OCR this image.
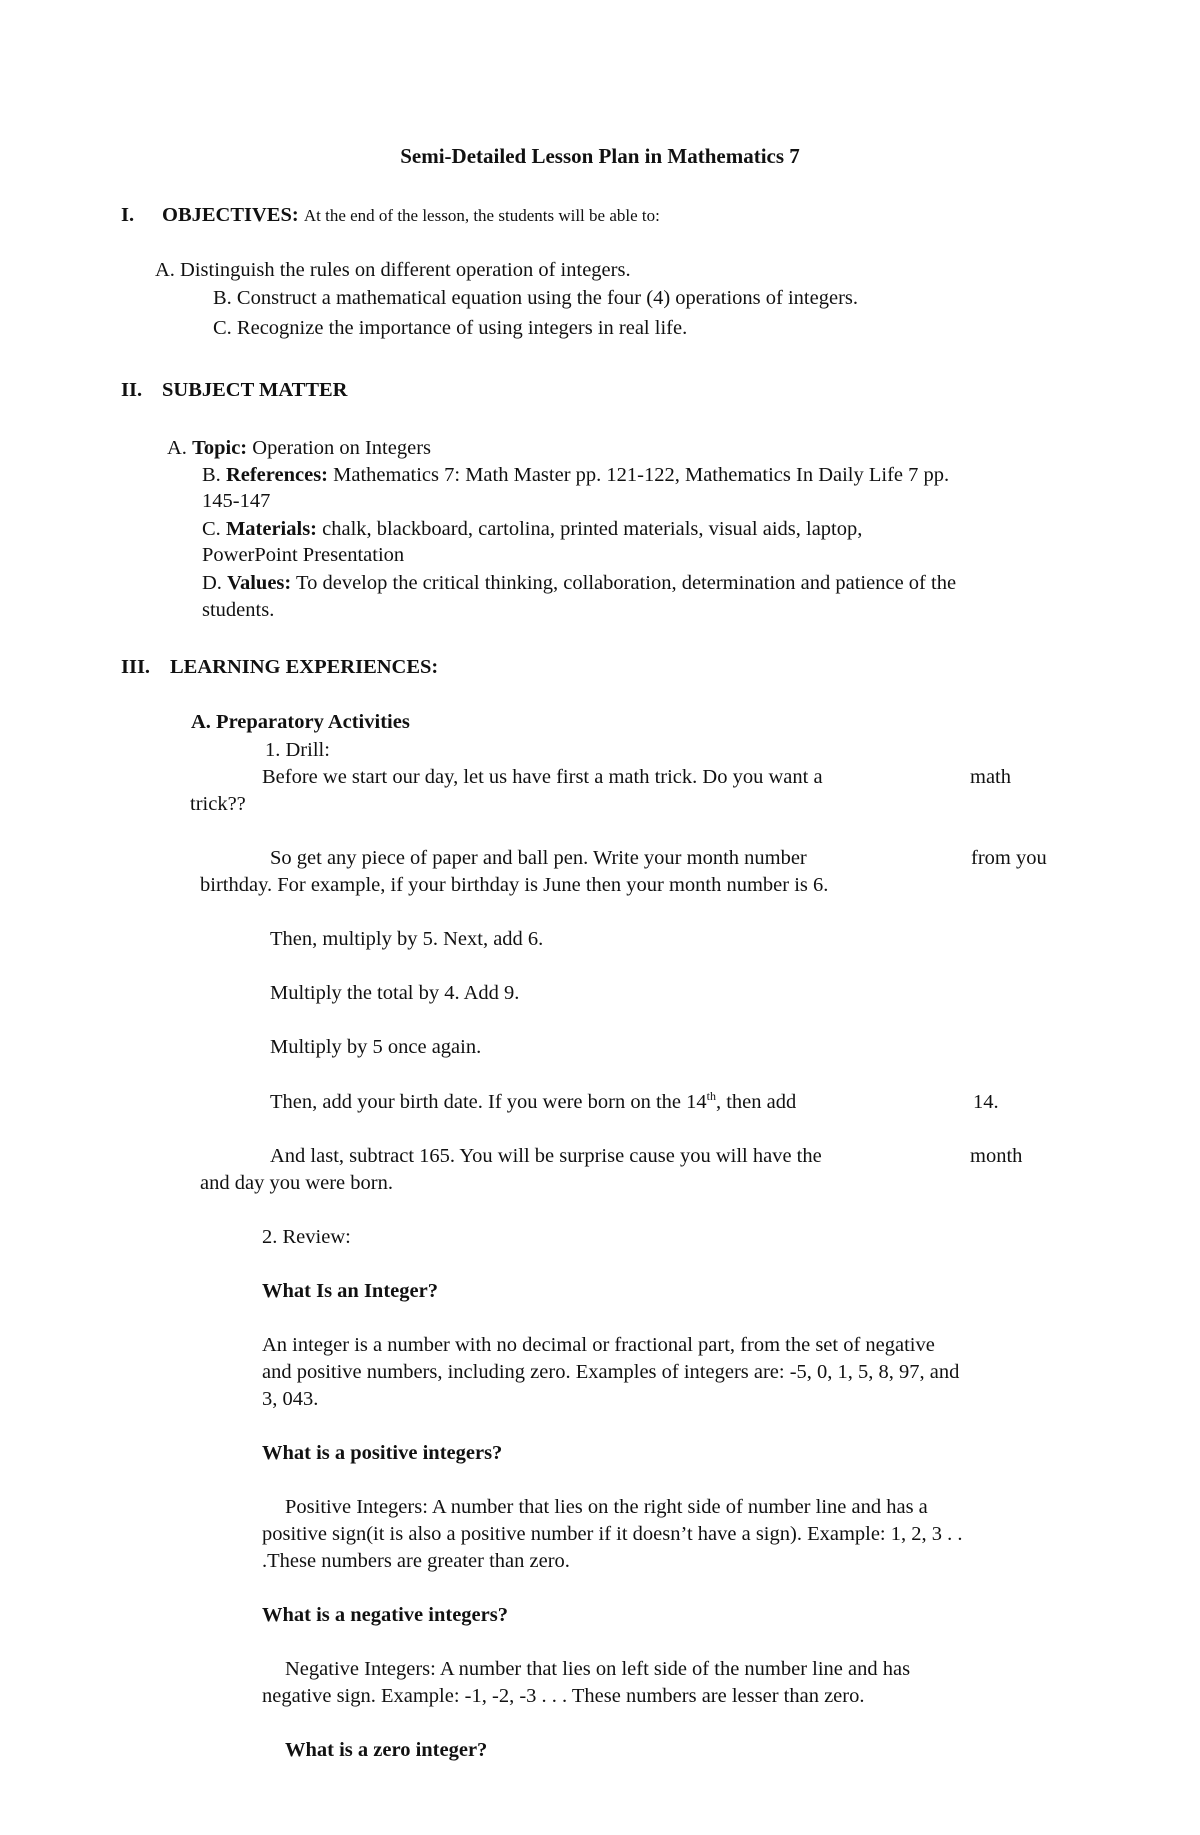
Semi-Detailed Lesson Plan in Mathematics 7
I. OBJECTIVES: At the end of the lesson, the students will be able to:
A. Distinguish the rules on different operation of integers.
B. Construct a mathematical equation using the four (4) operations of integers.
C. Recognize the importance of using integers in real life.
II. SUBJECT MATTER
A. Topic: Operation on Integers
B. References: Mathematics 7: Math Master pp. 121-122, Mathematics In Daily Life 7 pp.
145-147
C. Materials: chalk, blackboard, cartolina, printed materials, visual aids, laptop,
PowerPoint Presentation
D. Values: To develop the critical thinking, collaboration, determination and patience of the
students.
III. LEARNING EXPERIENCES:
A. Preparatory Activities
1. Drill:
Before we start our day, let us have first a math trick. Do you want a	math
trick??
So get any piece of paper and ball pen. Write your month number	from you
birthday. For example, if your birthday is June then your month number is 6.
Then, multiply by 5. Next, add 6.
Multiply the total by 4. Add 9.
Multiply by 5 once again.
Then, add your birth date. If you were born on the 14th, then add	14.
And last, subtract 165. You will be surprise cause you will have the	month
and day you were born.
2. Review:
What Is an Integer?
An integer is a number with no decimal or fractional part, from the set of negative
and positive numbers, including zero. Examples of integers are: -5, 0, 1, 5, 8, 97, and
3, 043.
What is a positive integers?
Positive Integers: A number that lies on the right side of number line and has a
positive sign(it is also a positive number if it doesn’t have a sign). Example: 1, 2, 3 . .
.These numbers are greater than zero.
What is a negative integers?
Negative Integers: A number that lies on left side of the number line and has
negative sign. Example: -1, -2, -3 . . . These numbers are lesser than zero.
What is a zero integer?
